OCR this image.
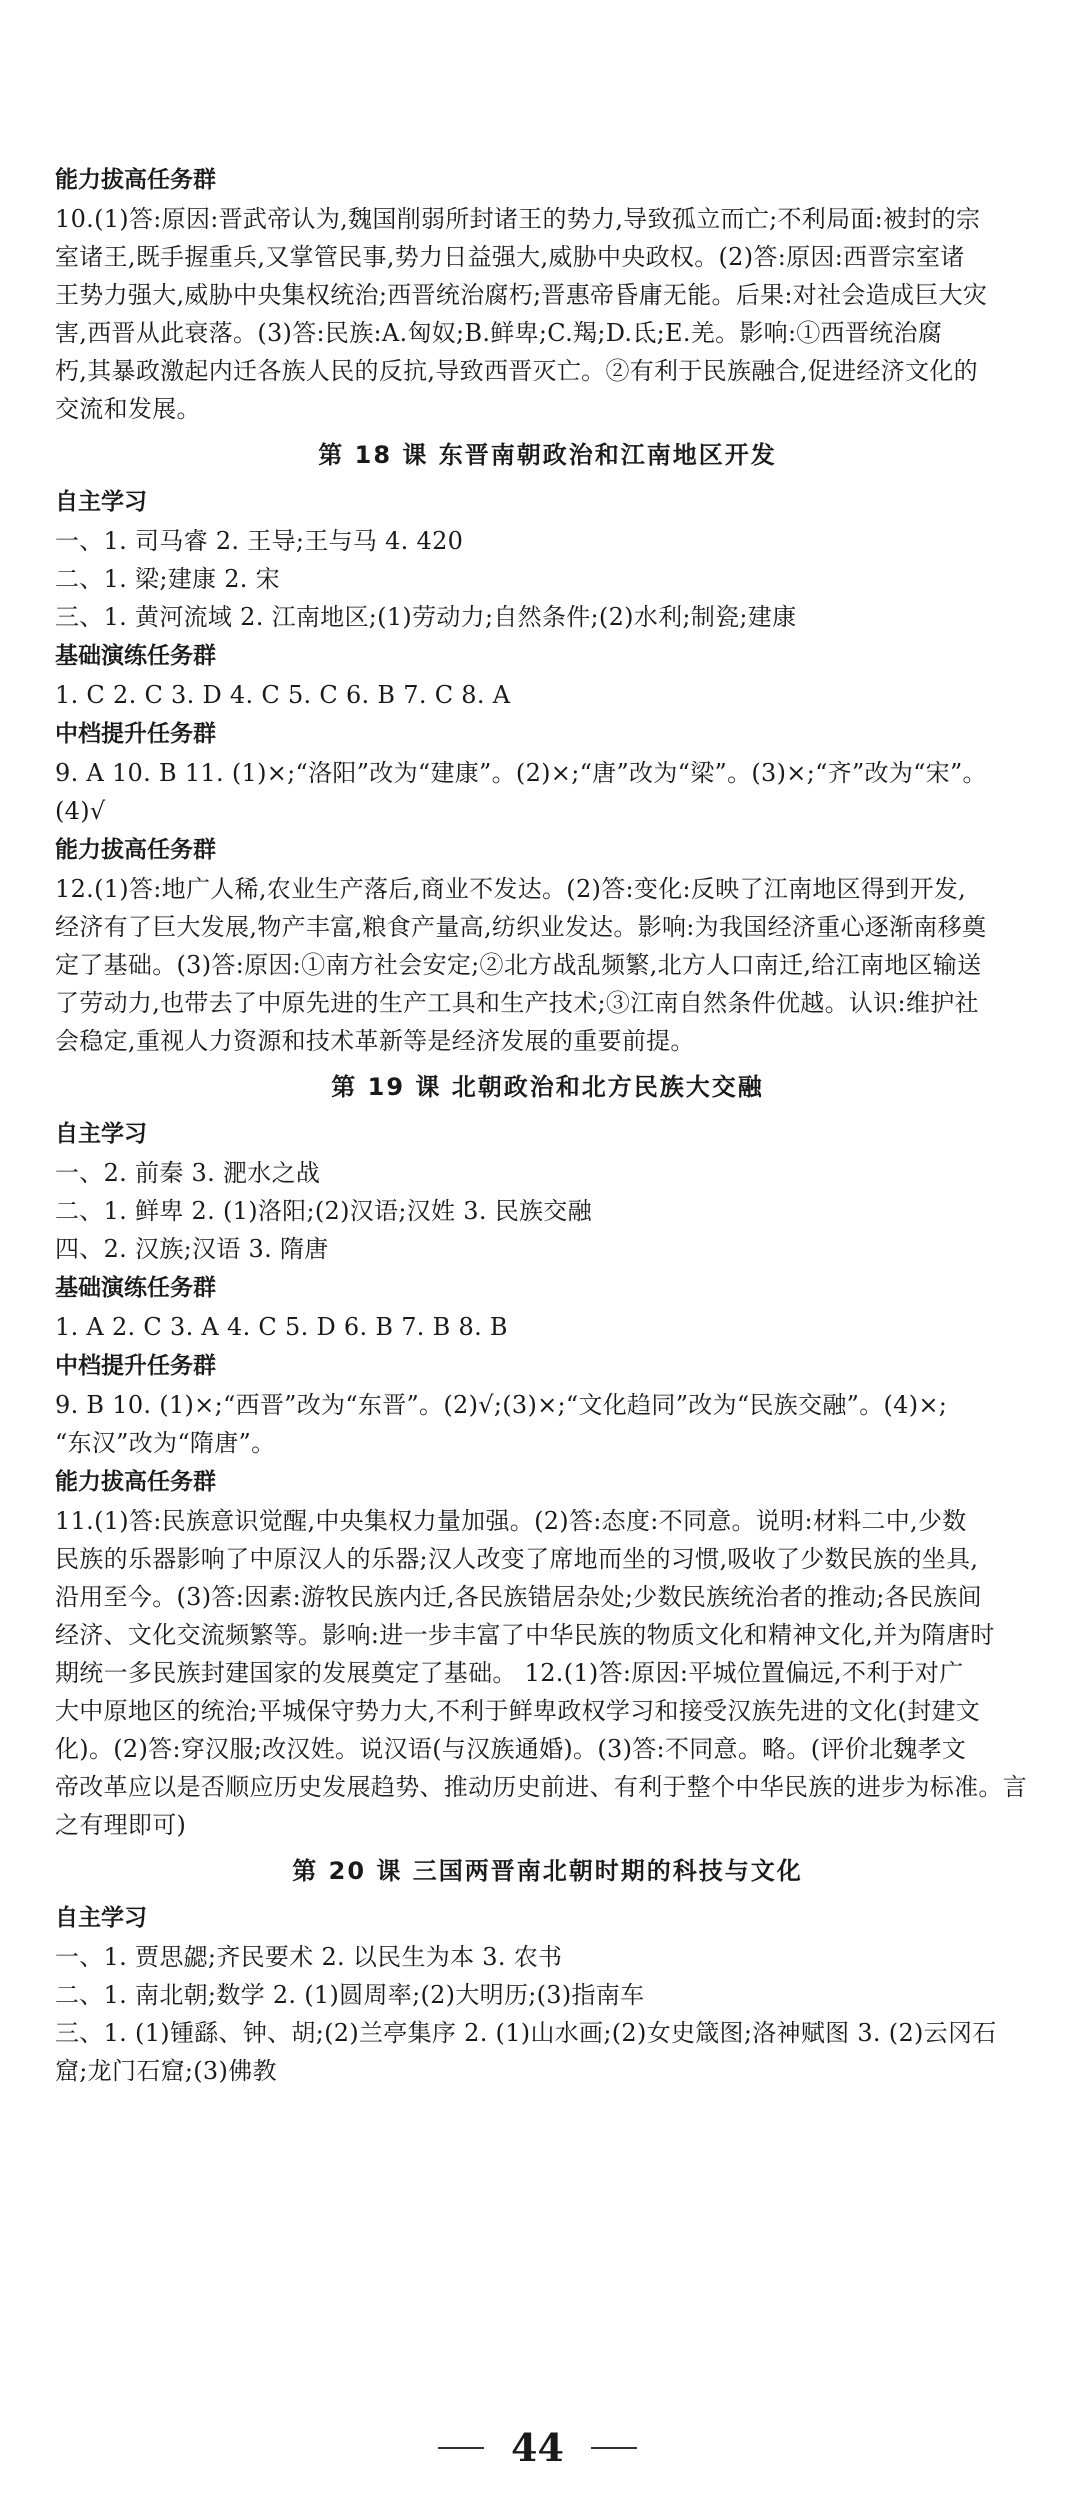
能力拔高任务群
10.(1)答:原因:晋武帝认为,魏国削弱所封诸王的势力,导致孤立而亡;不利局面:被封的宗
室诸王,既手握重兵,又掌管民事,势力日益强大,威胁中央政权。(2)答:原因:西晋宗室诸
王势力强大,威胁中央集权统治;西晋统治腐朽;晋惠帝昏庸无能。后果:对社会造成巨大灾
害,西晋从此衰落。(3)答:民族:A.匈奴;B.鲜卑;C.羯;D.氐;E.羌。影响:①西晋统治腐
朽,其暴政激起内迁各族人民的反抗,导致西晋灭亡。②有利于民族融合,促进经济文化的
交流和发展。
第 18 课 东晋南朝政治和江南地区开发
自主学习
一、1. 司马睿 2. 王导;王与马 4. 420
二、1. 梁;建康 2. 宋
三、1. 黄河流域 2. 江南地区;(1)劳动力;自然条件;(2)水利;制瓷;建康
基础演练任务群
1. C 2. C 3. D 4. C 5. C 6. B 7. C 8. A
中档提升任务群
9. A 10. B 11. (1)×;“洛阳”改为“建康”。(2)×;“唐”改为“梁”。(3)×;“齐”改为“宋”。
(4)√
能力拔高任务群
12.(1)答:地广人稀,农业生产落后,商业不发达。(2)答:变化:反映了江南地区得到开发,
经济有了巨大发展,物产丰富,粮食产量高,纺织业发达。影响:为我国经济重心逐渐南移奠
定了基础。(3)答:原因:①南方社会安定;②北方战乱频繁,北方人口南迁,给江南地区输送
了劳动力,也带去了中原先进的生产工具和生产技术;③江南自然条件优越。认识:维护社
会稳定,重视人力资源和技术革新等是经济发展的重要前提。
第 19 课 北朝政治和北方民族大交融
自主学习
一、2. 前秦 3. 淝水之战
二、1. 鲜卑 2. (1)洛阳;(2)汉语;汉姓 3. 民族交融
四、2. 汉族;汉语 3. 隋唐
基础演练任务群
1. A 2. C 3. A 4. C 5. D 6. B 7. B 8. B
中档提升任务群
9. B 10. (1)×;“西晋”改为“东晋”。(2)√;(3)×;“文化趋同”改为“民族交融”。(4)×;
“东汉”改为“隋唐”。
能力拔高任务群
11.(1)答:民族意识觉醒,中央集权力量加强。(2)答:态度:不同意。说明:材料二中,少数
民族的乐器影响了中原汉人的乐器;汉人改变了席地而坐的习惯,吸收了少数民族的坐具,
沿用至今。(3)答:因素:游牧民族内迁,各民族错居杂处;少数民族统治者的推动;各民族间
经济、文化交流频繁等。影响:进一步丰富了中华民族的物质文化和精神文化,并为隋唐时
期统一多民族封建国家的发展奠定了基础。 12.(1)答:原因:平城位置偏远,不利于对广
大中原地区的统治;平城保守势力大,不利于鲜卑政权学习和接受汉族先进的文化(封建文
化)。(2)答:穿汉服;改汉姓。说汉语(与汉族通婚)。(3)答:不同意。略。(评价北魏孝文
帝改革应以是否顺应历史发展趋势、推动历史前进、有利于整个中华民族的进步为标准。言
之有理即可)
第 20 课 三国两晋南北朝时期的科技与文化
自主学习
一、1. 贾思勰;齐民要术 2. 以民生为本 3. 农书
二、1. 南北朝;数学 2. (1)圆周率;(2)大明历;(3)指南车
三、1. (1)锺繇、钟、胡;(2)兰亭集序 2. (1)山水画;(2)女史箴图;洛神赋图 3. (2)云冈石
窟;龙门石窟;(3)佛教
44
